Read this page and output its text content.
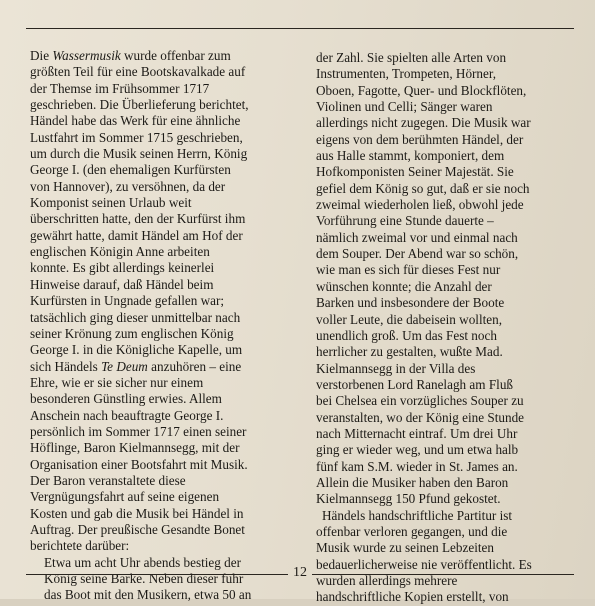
Die Wassermusik wurde offenbar zum
größten Teil für eine Bootskavalkade auf
der Themse im Frühsommer 1717
geschrieben. Die Überlieferung berichtet,
Händel habe das Werk für eine ähnliche
Lustfahrt im Sommer 1715 geschrieben,
um durch die Musik seinen Herrn, König
George I. (den ehemaligen Kurfürsten
von Hannover), zu versöhnen, da der
Komponist seinen Urlaub weit
überschritten hatte, den der Kurfürst ihm
gewährt hatte, damit Händel am Hof der
englischen Königin Anne arbeiten
konnte. Es gibt allerdings keinerlei
Hinweise darauf, daß Händel beim
Kurfürsten in Ungnade gefallen war;
tatsächlich ging dieser unmittelbar nach
seiner Krönung zum englischen König
George I. in die Königliche Kapelle, um
sich Händels Te Deum anzuhören – eine
Ehre, wie er sie sicher nur einem
besonderen Günstling erwies. Allem
Anschein nach beauftragte George I.
persönlich im Sommer 1717 einen seiner
Höflinge, Baron Kielmannsegg, mit der
Organisation einer Bootsfahrt mit Musik.
Der Baron veranstaltete diese
Vergnügungsfahrt auf seine eigenen
Kosten und gab die Musik bei Händel in
Auftrag. Der preußische Gesandte Bonet
berichtete darüber:
Etwa um acht Uhr abends bestieg der
König seine Barke. Neben dieser fuhr
das Boot mit den Musikern, etwa 50 an
der Zahl. Sie spielten alle Arten von
Instrumenten, Trompeten, Hörner,
Oboen, Fagotte, Quer- und Blockflöten,
Violinen und Celli; Sänger waren
allerdings nicht zugegen. Die Musik war
eigens von dem berühmten Händel, der
aus Halle stammt, komponiert, dem
Hofkomponisten Seiner Majestät. Sie
gefiel dem König so gut, daß er sie noch
zweimal wiederholen ließ, obwohl jede
Vorführung eine Stunde dauerte –
nämlich zweimal vor und einmal nach
dem Souper. Der Abend war so schön,
wie man es sich für dieses Fest nur
wünschen konnte; die Anzahl der
Barken und insbesondere der Boote
voller Leute, die dabeisein wollten,
unendlich groß. Um das Fest noch
herrlicher zu gestalten, wußte Mad.
Kielmannsegg in der Villa des
verstorbenen Lord Ranelagh am Fluß
bei Chelsea ein vorzügliches Souper zu
veranstalten, wo der König eine Stunde
nach Mitternacht eintraf. Um drei Uhr
ging er wieder weg, und um etwa halb
fünf kam S.M. wieder in St. James an.
Allein die Musiker haben den Baron
Kielmannsegg 150 Pfund gekostet.
Händels handschriftliche Partitur ist
offenbar verloren gegangen, und die
Musik wurde zu seinen Lebzeiten
bedauerlicherweise nie veröffentlicht. Es
wurden allerdings mehrere
handschriftliche Kopien erstellt, von
12
